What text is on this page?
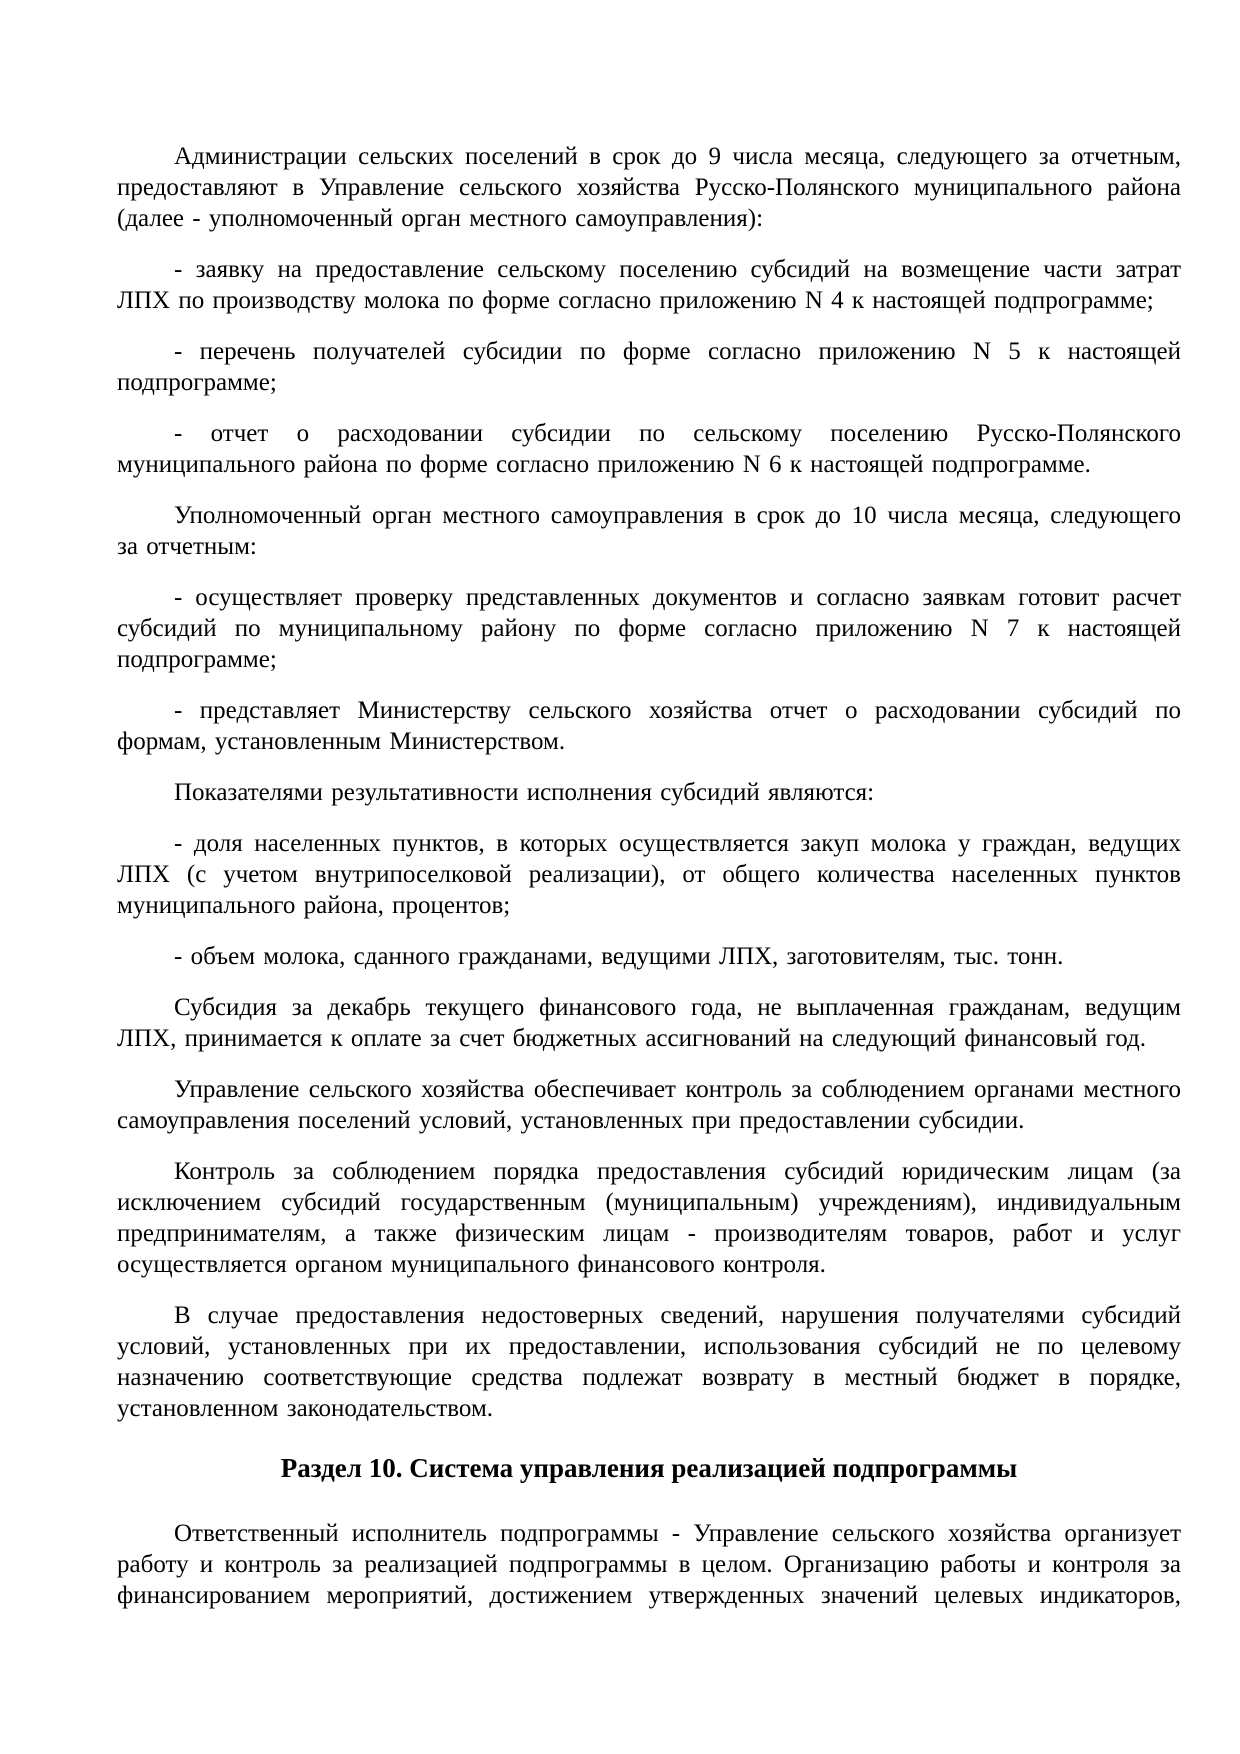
Администрации сельских поселений в срок до 9 числа месяца, следующего за отчетным, предоставляют в Управление сельского хозяйства Русско-Полянского муниципального района (далее - уполномоченный орган местного самоуправления):

- заявку на предоставление сельскому поселению субсидий на возмещение части затрат ЛПХ по производству молока по форме согласно приложению N 4 к настоящей подпрограмме;

- перечень получателей субсидии по форме согласно приложению N 5 к настоящей подпрограмме;

- отчет о расходовании субсидии по сельскому поселению Русско-Полянского муниципального района по форме согласно приложению N 6 к настоящей подпрограмме.

Уполномоченный орган местного самоуправления в срок до 10 числа месяца, следующего за отчетным:

- осуществляет проверку представленных документов и согласно заявкам готовит расчет субсидий по муниципальному району по форме согласно приложению N 7 к настоящей подпрограмме;

- представляет Министерству сельского хозяйства отчет о расходовании субсидий по формам, установленным Министерством.

Показателями результативности исполнения субсидий являются:

- доля населенных пунктов, в которых осуществляется закуп молока у граждан, ведущих ЛПХ (с учетом внутрипоселковой реализации), от общего количества населенных пунктов муниципального района, процентов;

- объем молока, сданного гражданами, ведущими ЛПХ, заготовителям, тыс. тонн.

Субсидия за декабрь текущего финансового года, не выплаченная гражданам, ведущим ЛПХ, принимается к оплате за счет бюджетных ассигнований на следующий финансовый год.

Управление сельского хозяйства обеспечивает контроль за соблюдением органами местного самоуправления поселений условий, установленных при предоставлении субсидии.

Контроль за соблюдением порядка предоставления субсидий юридическим лицам (за исключением субсидий государственным (муниципальным) учреждениям), индивидуальным предпринимателям, а также физическим лицам - производителям товаров, работ и услуг осуществляется органом муниципального финансового контроля.

В случае предоставления недостоверных сведений, нарушения получателями субсидий условий, установленных при их предоставлении, использования субсидий не по целевому назначению соответствующие средства подлежат возврату в местный бюджет в порядке, установленном законодательством.

Раздел 10. Система управления реализацией подпрограммы

Ответственный исполнитель подпрограммы - Управление сельского хозяйства организует работу и контроль за реализацией подпрограммы в целом. Организацию работы и контроля за финансированием мероприятий, достижением утвержденных значений целевых индикаторов,
